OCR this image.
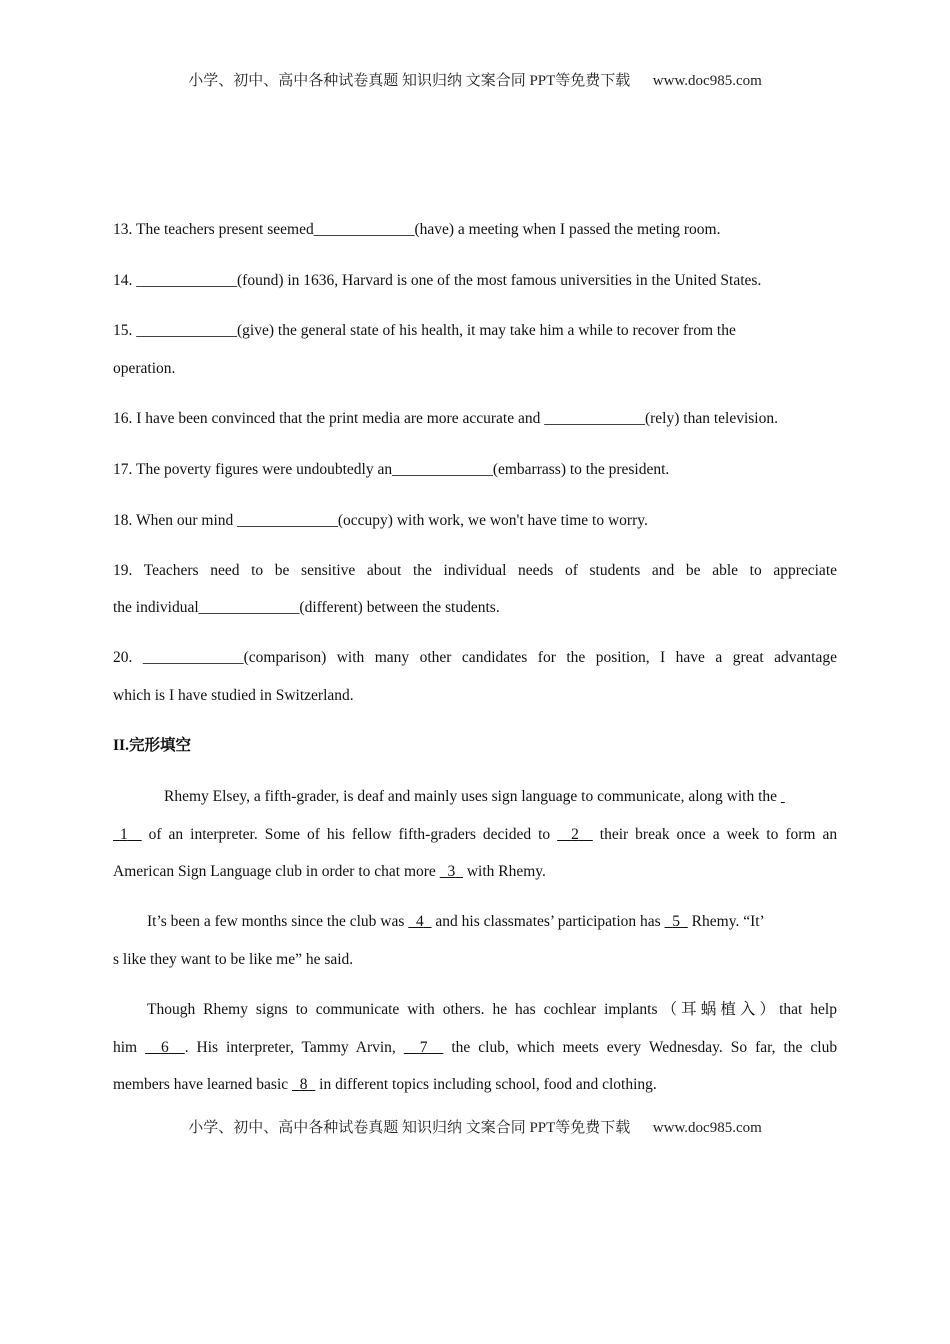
小学、初中、高中各种试卷真题 知识归纳 文案合同 PPT等免费下载      www.doc985.com
13. The teachers present seemed_____________(have) a meeting when I passed the meting room.
14. _____________(found) in 1636, Harvard is one of the most famous universities in the United States.
15. _____________(give) the general state of his health, it may take him a while to recover from the
operation.
16. I have been convinced that the print media are more accurate and _____________(rely) than television.
17. The poverty figures were undoubtedly an_____________(embarrass) to the president.
18. When our mind _____________(occupy) with work, we won't have time to worry.
19. Teachers need to be sensitive about the individual needs of students and be able to appreciate
the individual_____________(different) between the students.
20. _____________(comparison) with many other candidates for the position, I have a great advantage
which is I have studied in Switzerland.
II.完形填空
Rhemy Elsey, a fifth-grader, is deaf and mainly uses sign language to communicate, along with the
1 of an interpreter. Some of his fellow fifth-graders decided to 2 their break once a week to form an
American Sign Language club in order to chat more 3 with Rhemy.
It’s been a few months since the club was 4 and his classmates’ participation has 5 Rhemy. “It’
s like they want to be like me” he said.
Though Rhemy signs to communicate with others. he has cochlear implants（耳蜗植入）that help
him 6 . His interpreter, Tammy Arvin, 7 the club, which meets every Wednesday. So far, the club
members have learned basic 8 in different topics including school, food and clothing.
小学、初中、高中各种试卷真题 知识归纳 文案合同 PPT等免费下载      www.doc985.com
